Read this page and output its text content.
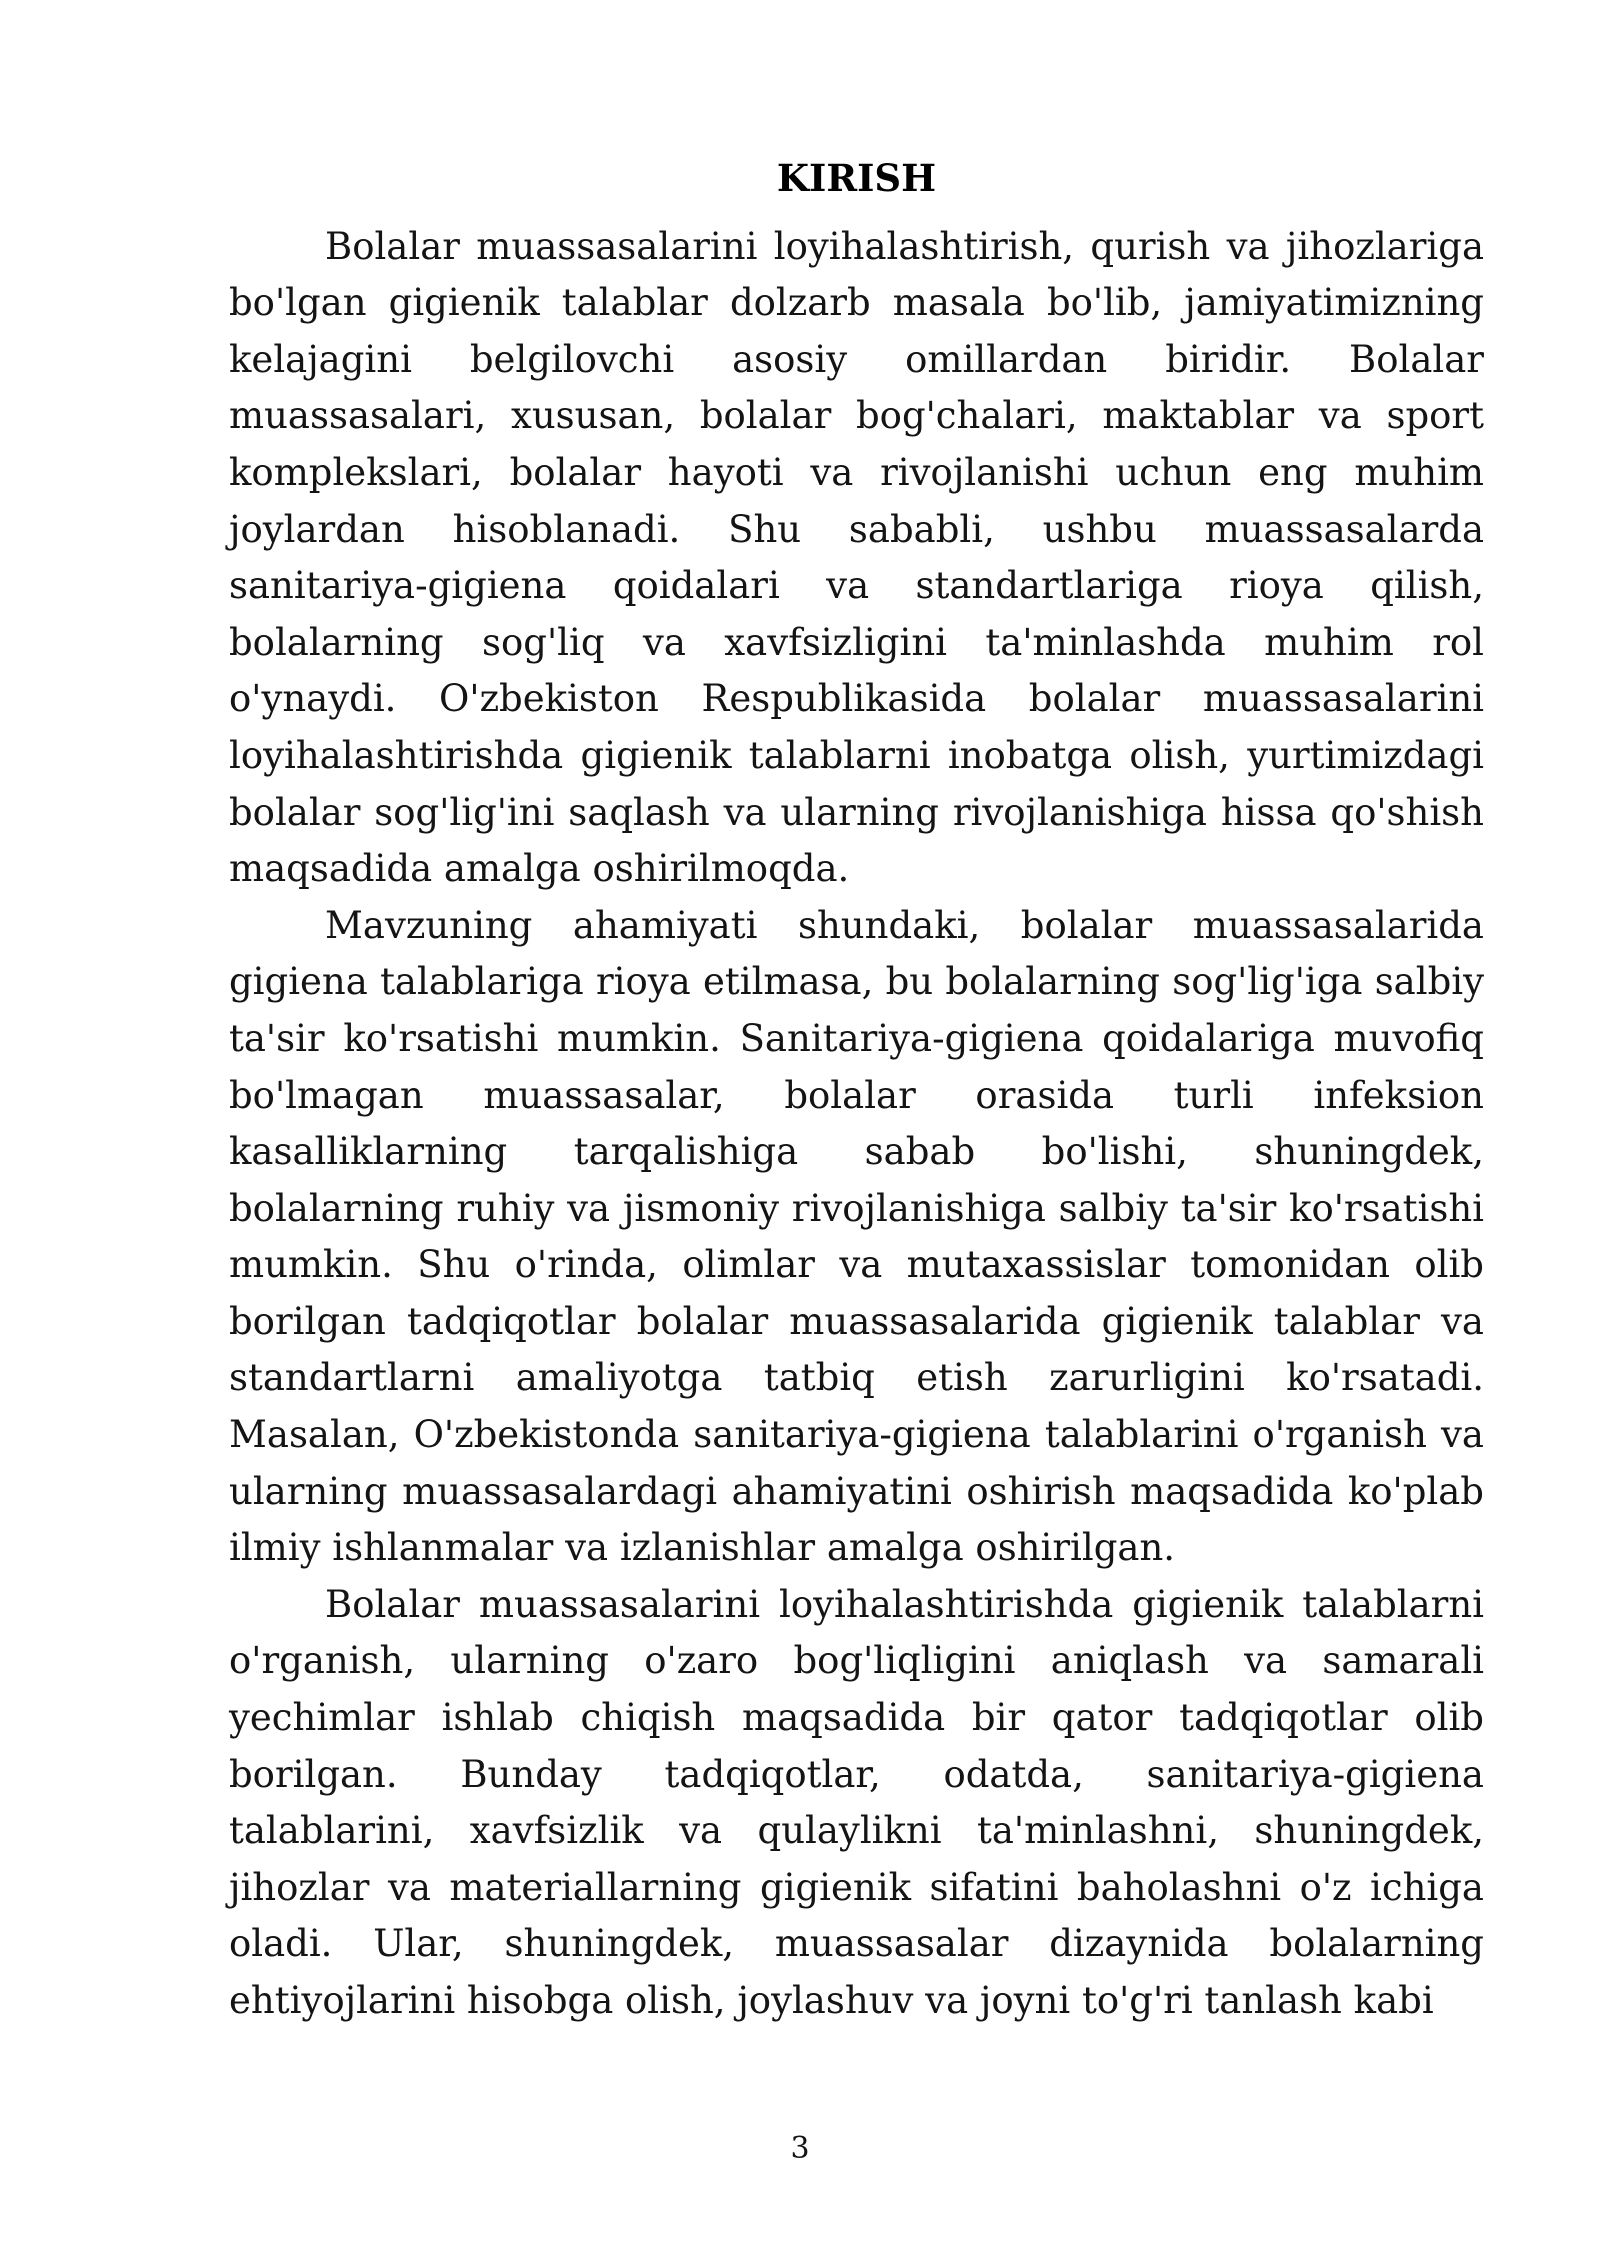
KIRISH

Bolalar muassasalarini loyihalashtirish, qurish va jihozlariga bo'lgan gigienik talablar dolzarb masala bo'lib, jamiyatimizning kelajagini belgilovchi asosiy omillardan biridir. Bolalar muassasalari, xususan, bolalar bog'chalari, maktablar va sport komplekslari, bolalar hayoti va rivojlanishi uchun eng muhim joylardan hisoblanadi. Shu sababli, ushbu muassasalarda sanitariya-gigiena qoidalari va standartlariga rioya qilish, bolalarning sog'liq va xavfsizligini ta'minlashda muhim rol o'ynaydi. O'zbekiston Respublikasida bolalar muassasalarini loyihalashtirishda gigienik talablarni inobatga olish, yurtimizdagi bolalar sog'lig'ini saqlash va ularning rivojlanishiga hissa qo'shish maqsadida amalga oshirilmoqda.

Mavzuning ahamiyati shundaki, bolalar muassasalarida gigiena talablariga rioya etilmasa, bu bolalarning sog'lig'iga salbiy ta'sir ko'rsatishi mumkin. Sanitariya-gigiena qoidalariga muvofiq bo'lmagan muassasalar, bolalar orasida turli infeksion kasalliklarning tarqalishiga sabab bo'lishi, shuningdek, bolalarning ruhiy va jismoniy rivojlanishiga salbiy ta'sir ko'rsatishi mumkin. Shu o'rinda, olimlar va mutaxassislar tomonidan olib borilgan tadqiqotlar bolalar muassasalarida gigienik talablar va standartlarni amaliyotga tatbiq etish zarurligini ko'rsatadi. Masalan, O'zbekistonda sanitariya-gigiena talablarini o'rganish va ularning muassasalardagi ahamiyatini oshirish maqsadida ko'plab ilmiy ishlanmalar va izlanishlar amalga oshirilgan.

Bolalar muassasalarini loyihalashtirishda gigienik talablarni o'rganish, ularning o'zaro bog'liqligini aniqlash va samarali yechimlar ishlab chiqish maqsadida bir qator tadqiqotlar olib borilgan. Bunday tadqiqotlar, odatda, sanitariya-gigiena talablarini, xavfsizlik va qulaylikni ta'minlashni, shuningdek, jihozlar va materiallarning gigienik sifatini baholashni o'z ichiga oladi. Ular, shuningdek, muassasalar dizaynida bolalarning ehtiyojlarini hisobga olish, joylashuv va joyni to'g'ri tanlash kabi

3
